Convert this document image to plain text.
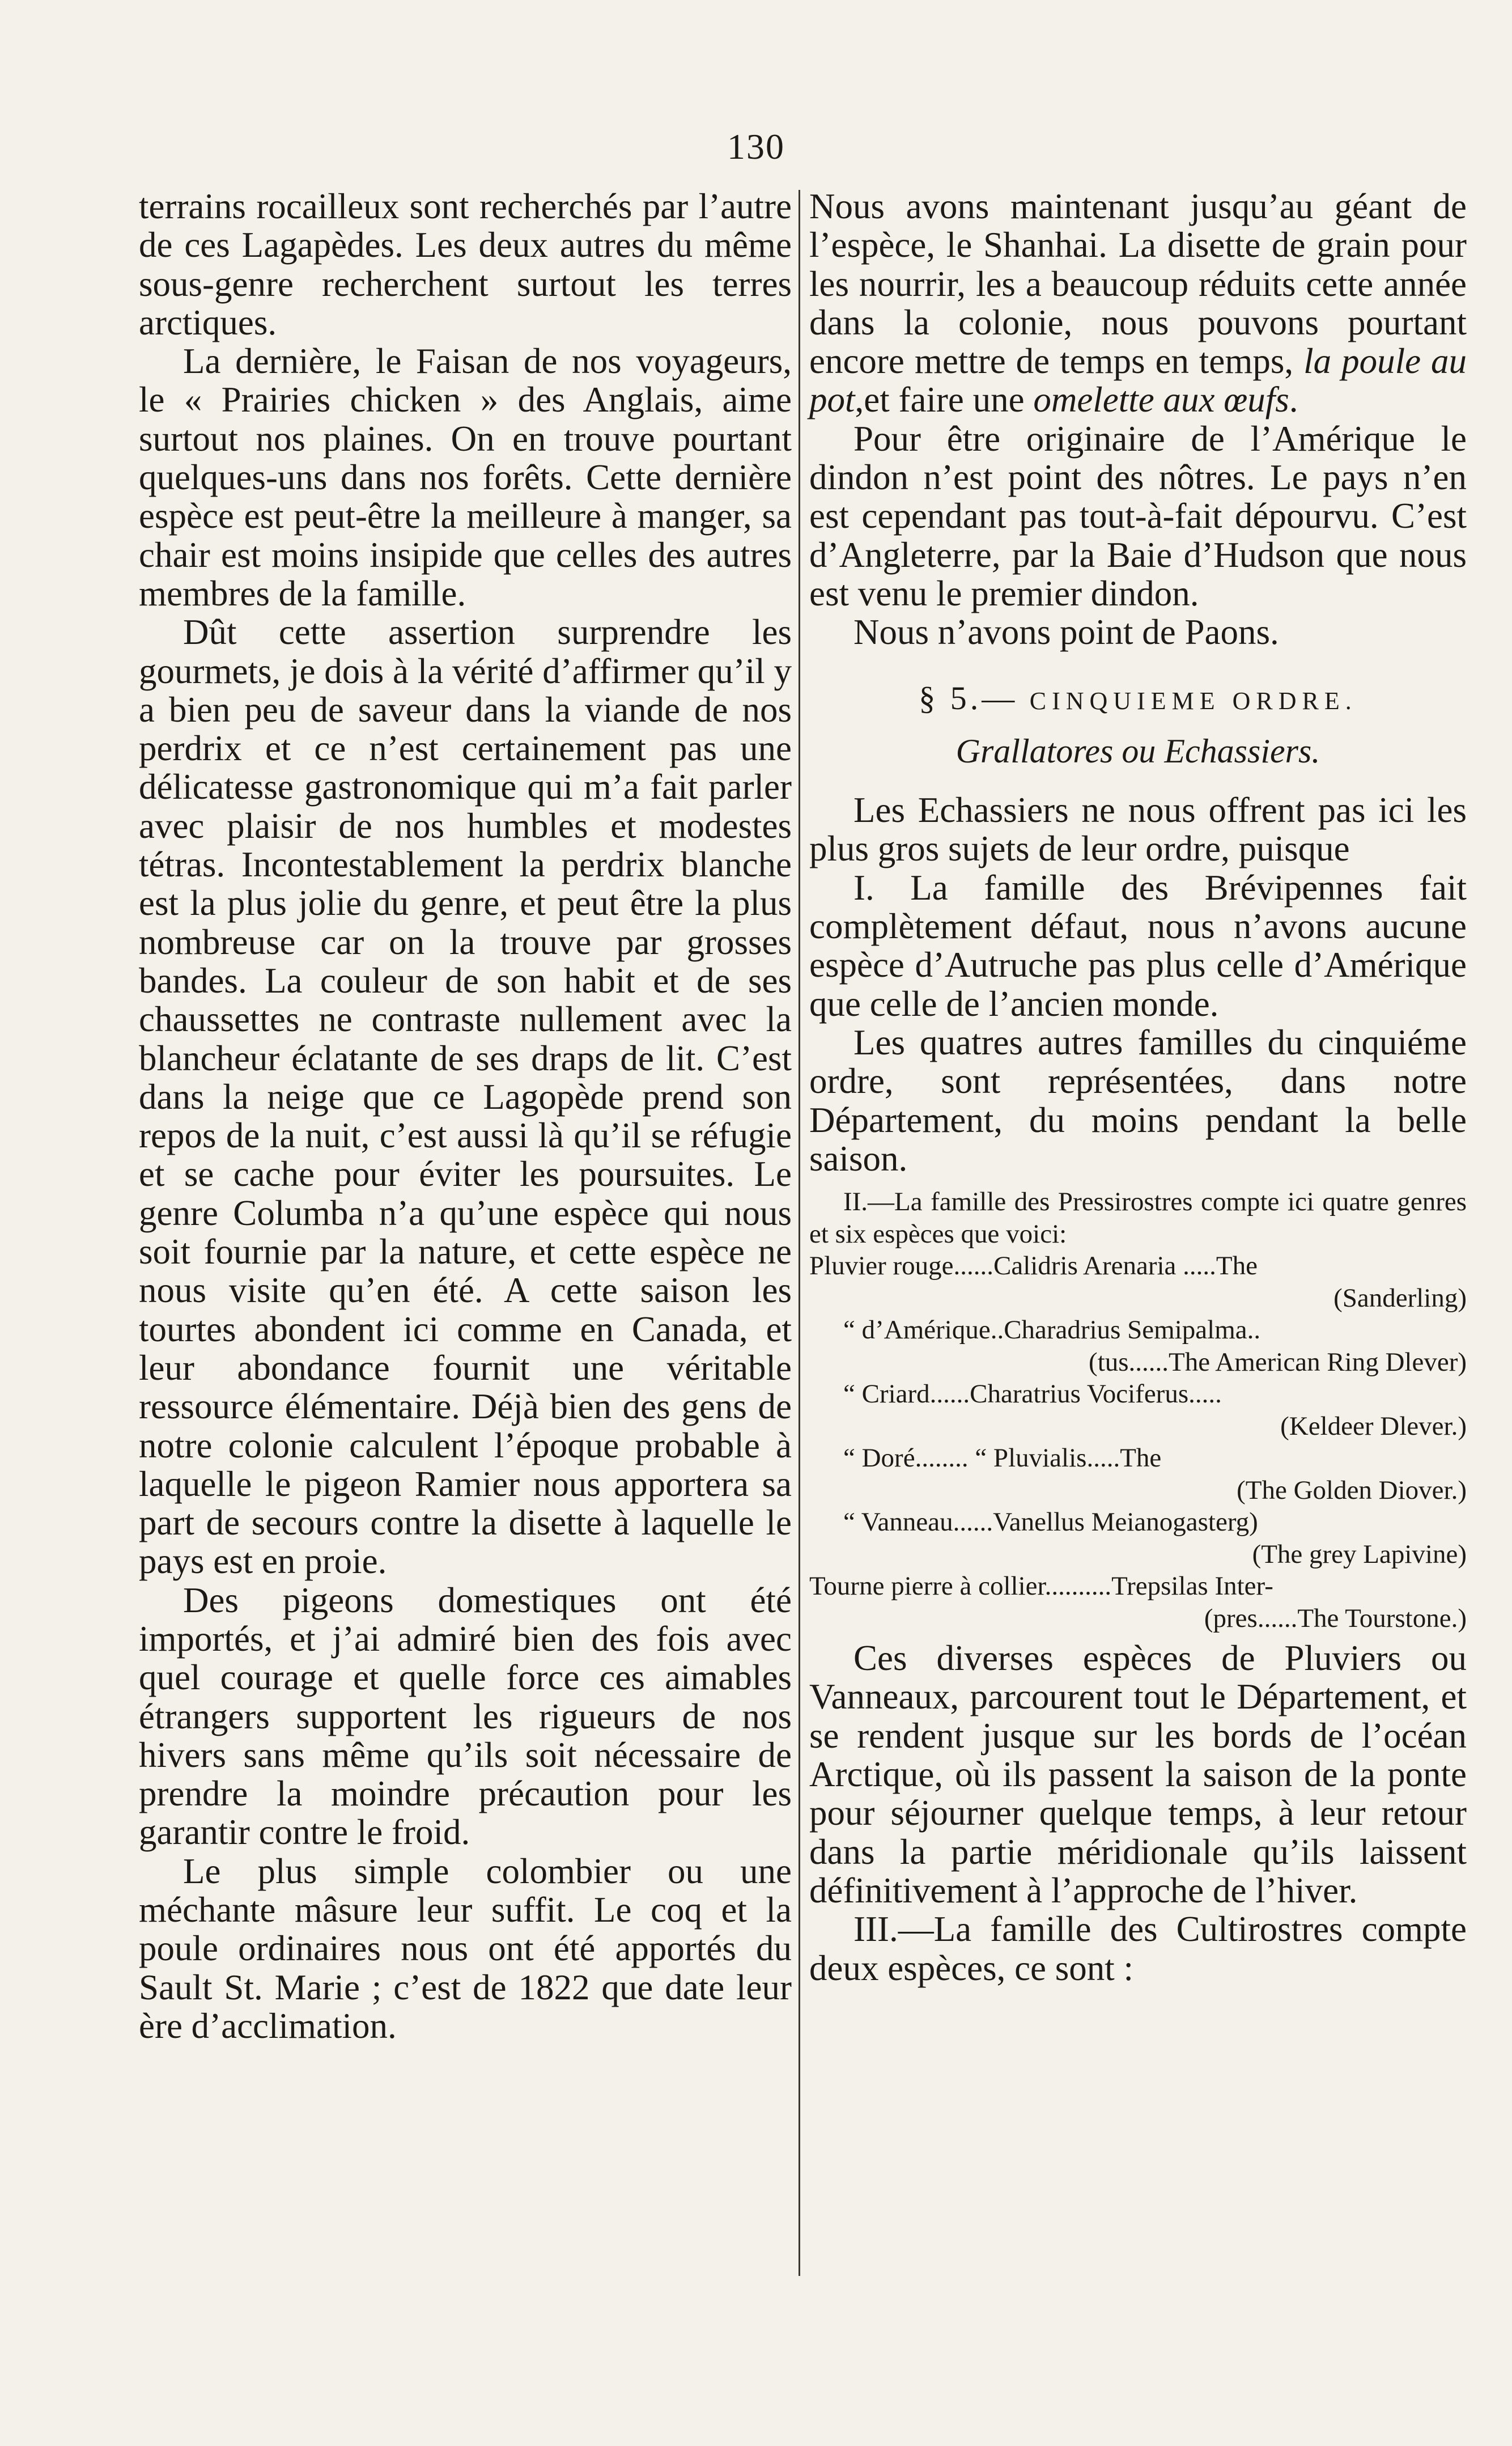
130

terrains rocailleux sont recherchés par l’autre de ces Lagapèdes. Les deux autres du même sous-genre recherchent surtout les terres arctiques.

La dernière, le Faisan de nos voyageurs, le « Prairies chicken » des Anglais, aime surtout nos plaines. On en trouve pourtant quelques-uns dans nos forêts. Cette dernière espèce est peut-être la meilleure à manger, sa chair est moins insipide que celles des autres membres de la famille.

Dût cette assertion surprendre les gourmets, je dois à la vérité d’affirmer qu’il y a bien peu de saveur dans la viande de nos perdrix et ce n’est certainement pas une délicatesse gastronomique qui m’a fait parler avec plaisir de nos humbles et modestes tétras. Incontestablement la perdrix blanche est la plus jolie du genre, et peut être la plus nombreuse car on la trouve par grosses bandes. La couleur de son habit et de ses chaussettes ne contraste nullement avec la blancheur éclatante de ses draps de lit. C’est dans la neige que ce Lagopède prend son repos de la nuit, c’est aussi là qu’il se réfugie et se cache pour éviter les poursuites. Le genre Columba n’a qu’une espèce qui nous soit fournie par la nature, et cette espèce ne nous visite qu’en été. A cette saison les tourtes abondent ici comme en Canada, et leur abondance fournit une véritable ressource élémentaire. Déjà bien des gens de notre colonie calculent l’époque probable à laquelle le pigeon Ramier nous apportera sa part de secours contre la disette à laquelle le pays est en proie.

Des pigeons domestiques ont été importés, et j’ai admiré bien des fois avec quel courage et quelle force ces aimables étrangers supportent les rigueurs de nos hivers sans même qu’ils soit nécessaire de prendre la moindre précaution pour les garantir contre le froid.

Le plus simple colombier ou une méchante mâsure leur suffit. Le coq et la poule ordinaires nous ont été apportés du Sault St. Marie ; c’est de 1822 que date leur ère d’acclimation.

Nous avons maintenant jusqu’au géant de l’espèce, le Shanhai. La disette de grain pour les nourrir, les a beaucoup réduits cette année dans la colonie, nous pouvons pourtant encore mettre de temps en temps, la poule au pot,et faire une omelette aux œufs.

Pour être originaire de l’Amérique le dindon n’est point des nôtres. Le pays n’en est cependant pas tout-à-fait dépourvu. C’est d’Angleterre, par la Baie d’Hudson que nous est venu le premier dindon.

Nous n’avons point de Paons.

§ 5.— CINQUIEME ORDRE.
Grallatores ou Echassiers.

Les Echassiers ne nous offrent pas ici les plus gros sujets de leur ordre, puisque

I. La famille des Brévipennes fait complètement défaut, nous n’avons aucune espèce d’Autruche pas plus celle d’Amérique que celle de l’ancien monde.

Les quatres autres familles du cinquiéme ordre, sont représentées, dans notre Département, du moins pendant la belle saison.

II.—La famille des Pressirostres compte ici quatre genres et six espèces que voici:
Pluvier rouge......Calidris Arenaria .....The
(Sanderling)
“ d’Amérique..Charadrius Semipalma..
(tus......The American Ring Dlever)
“ Criard......Charatrius Vociferus.....
(Keldeer Dlever.)
“ Doré........ “ Pluvialis.....The
(The Golden Diover.)
“ Vanneau......Vanellus Meianogasterg)
(The grey Lapivine)
Tourne pierre à collier..........Trepsilas Inter-
(pres......The Tourstone.)

Ces diverses espèces de Pluviers ou Vanneaux, parcourent tout le Département, et se rendent jusque sur les bords de l’océan Arctique, où ils passent la saison de la ponte pour séjourner quelque temps, à leur retour dans la partie méridionale qu’ils laissent définitivement à l’approche de l’hiver.

III.—La famille des Cultirostres compte deux espèces, ce sont :
